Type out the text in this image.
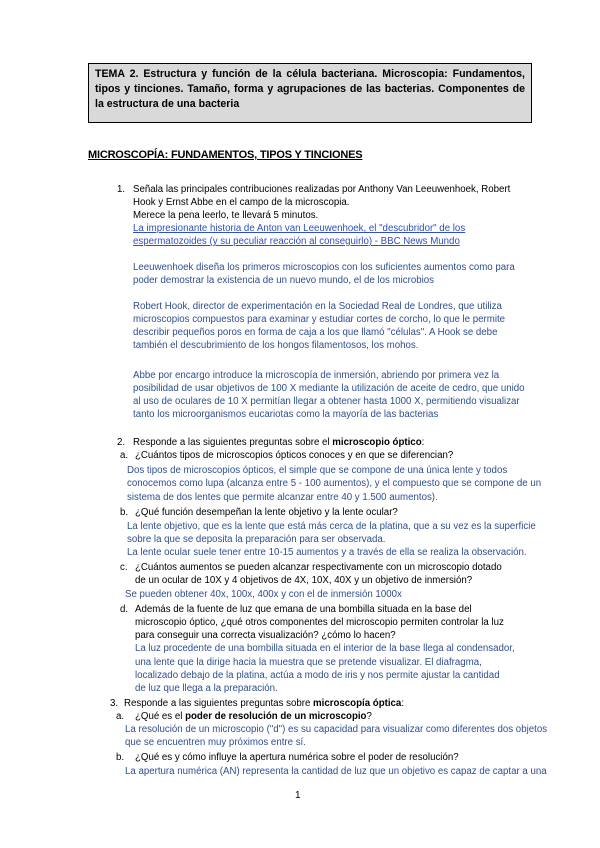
TEMA 2. Estructura y función de la célula bacteriana. Microscopia: Fundamentos, tipos y tinciones. Tamaño, forma y agrupaciones de las bacterias. Componentes de la estructura de una bacteria
MICROSCOPÍA: FUNDAMENTOS, TIPOS Y TINCIONES
1. Señala las principales contribuciones realizadas por Anthony Van Leeuwenhoek, Robert
Hook y Ernst Abbe en el campo de la microscopia.
Merece la pena leerlo, te llevará 5 minutos.
La impresionante historia de Anton van Leeuwenhoek, el "descubridor" de los
espermatozoides (y su peculiar reacción al conseguirlo) - BBC News Mundo
Leeuwenhoek diseña los primeros microscopios con los suficientes aumentos como para
poder demostrar la existencia de un nuevo mundo, el de los microbios
Robert Hook, director de experimentación en la Sociedad Real de Londres, que utiliza
microscopios compuestos para examinar y estudiar cortes de corcho, lo que le permite
describir pequeños poros en forma de caja a los que llamó "células". A Hook se debe
también el descubrimiento de los hongos filamentosos, los mohos.
Abbe por encargo introduce la microscopía de inmersión, abriendo por primera vez la
posibilidad de usar objetivos de 100 X mediante la utilización de aceite de cedro, que unido
al uso de oculares de 10 X permitían llegar a obtener hasta 1000 X, permitiendo visualizar
tanto los microorganismos eucariotas como la mayoría de las bacterias
2. Responde a las siguientes preguntas sobre el microscopio óptico:
a. ¿Cuántos tipos de microscopios ópticos conoces y en que se diferencian?
Dos tipos de microscopios ópticos, el simple que se compone de una única lente y todos
conocemos como lupa (alcanza entre 5 - 100 aumentos), y el compuesto que se compone de un
sistema de dos lentes que permite alcanzar entre 40 y 1.500 aumentos).
b. ¿Qué función desempeñan la lente objetivo y la lente ocular?
La lente objetivo, que es la lente que está más cerca de la platina, que a su vez es la superficie
sobre la que se deposita la preparación para ser observada.
La lente ocular suele tener entre 10-15 aumentos y a través de ella se realiza la observación.
c. ¿Cuántos aumentos se pueden alcanzar respectivamente con un microscopio dotado
de un ocular de 10X y 4 objetivos de 4X, 10X, 40X y un objetivo de inmersión?
Se pueden obtener 40x, 100x, 400x y con el de inmersión 1000x
d. Además de la fuente de luz que emana de una bombilla situada en la base del
microscopio óptico, ¿qué otros componentes del microscopio permiten controlar la luz
para conseguir una correcta visualización? ¿cómo lo hacen?
La luz procedente de una bombilla situada en el interior de la base llega al condensador,
una lente que la dirige hacia la muestra que se pretende visualizar. El diafragma,
localizado debajo de la platina, actúa a modo de iris y nos permite ajustar la cantidad
de luz que llega a la preparación.
3. Responde a las siguientes preguntas sobre microscopía óptica:
a. ¿Qué es el poder de resolución de un microscopio?
La resolución de un microscopio ("d") es su capacidad para visualizar como diferentes dos objetos
que se encuentren muy próximos entre sí.
b. ¿Qué es y cómo influye la apertura numérica sobre el poder de resolución?
La apertura numérica (AN) representa la cantidad de luz que un objetivo es capaz de captar a una
1
